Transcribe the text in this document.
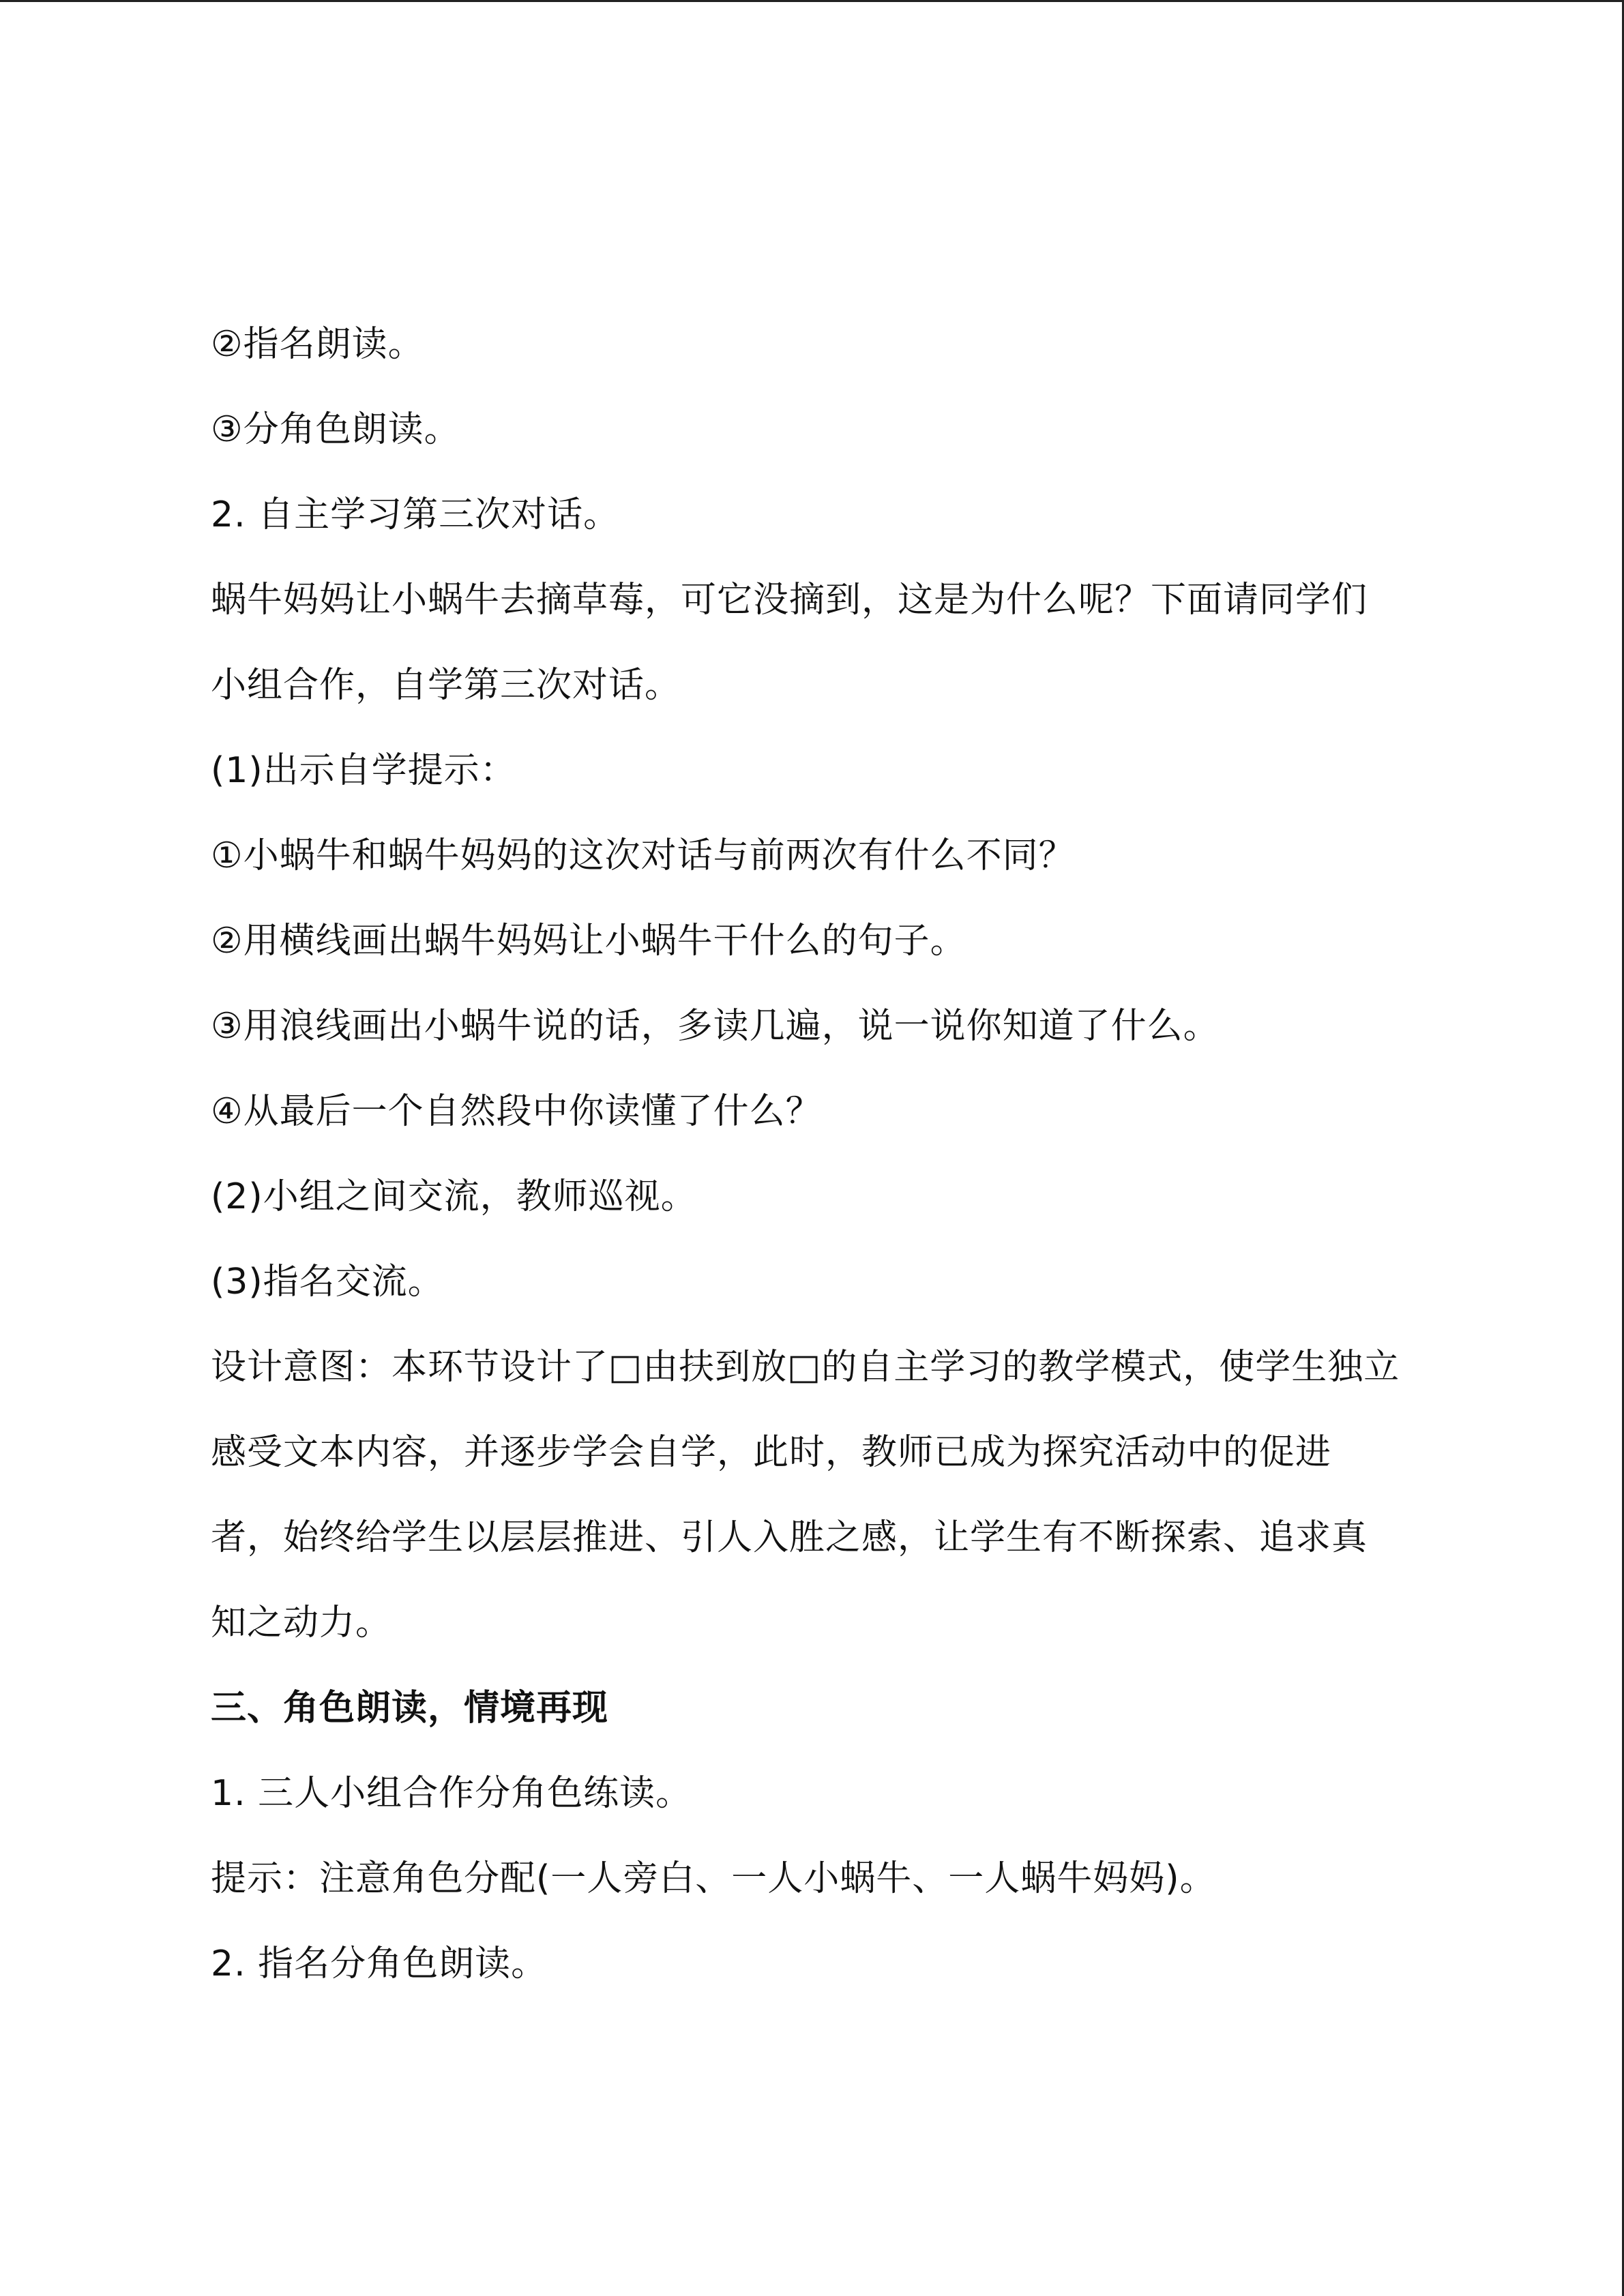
②指名朗读。
③分角色朗读。
2. 自主学习第三次对话。
蜗牛妈妈让小蜗牛去摘草莓，可它没摘到，这是为什么呢？下面请同学们
小组合作，自学第三次对话。
(1)出示自学提示：
①小蜗牛和蜗牛妈妈的这次对话与前两次有什么不同？
②用横线画出蜗牛妈妈让小蜗牛干什么的句子。
③用浪线画出小蜗牛说的话，多读几遍，说一说你知道了什么。
④从最后一个自然段中你读懂了什么？
(2)小组之间交流，教师巡视。
(3)指名交流。
设计意图：本环节设计了□由扶到放□的自主学习的教学模式，使学生独立
感受文本内容，并逐步学会自学，此时，教师已成为探究活动中的促进
者，始终给学生以层层推进、引人入胜之感，让学生有不断探索、追求真
知之动力。
三、角色朗读，情境再现
1. 三人小组合作分角色练读。
提示：注意角色分配(一人旁白、一人小蜗牛、一人蜗牛妈妈)。
2. 指名分角色朗读。
